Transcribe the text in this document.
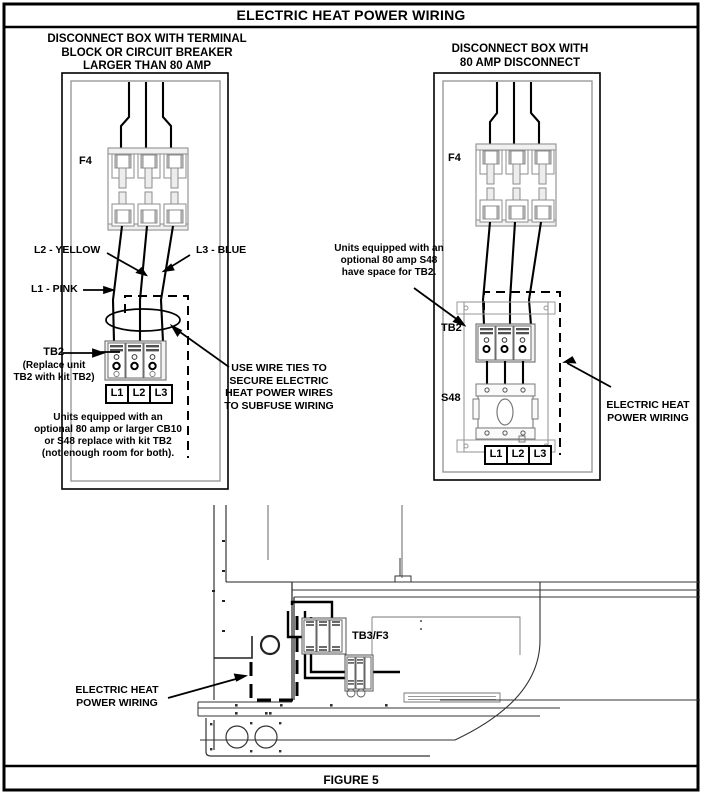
ELECTRIC HEAT POWER WIRING
DISCONNECT BOX WITH TERMINAL
BLOCK OR CIRCUIT BREAKER
LARGER THAN 80 AMP
DISCONNECT BOX WITH
80 AMP DISCONNECT
F4
L2 - YELLOW	L3 - BLUE
L1 - PINK
TB2
(Replace unit
TB2 with kit TB2)
L1 L2 L3
USE WIRE TIES TO
SECURE ELECTRIC
HEAT POWER WIRES
TO SUBFUSE WIRING
Units equipped with an
optional 80 amp or larger CB10
or S48 replace with kit TB2
(not enough room for both).
F4
Units equipped with an
optional 80 amp S48
have space for TB2.
TB2
S48
L1 L2 L3
ELECTRIC HEAT
POWER WIRING
ELECTRIC HEAT
POWER WIRING
TB3/F3
FIGURE 5
